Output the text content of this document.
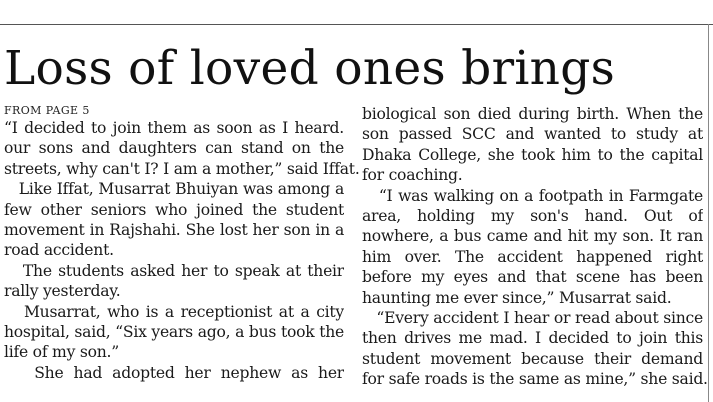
Loss of loved ones brings
FROM PAGE 5
“I decided to join them as soon as I heard.
our sons and daughters can stand on the
streets, why can't I? I am a mother,” said Iffat.
Like Iffat, Musarrat Bhuiyan was among a
few other seniors who joined the student
movement in Rajshahi. She lost her son in a
road accident.
The students asked her to speak at their
rally yesterday.
Musarrat, who is a receptionist at a city
hospital, said, “Six years ago, a bus took the
life of my son.”
She had adopted her nephew as her
biological son died during birth. When the
son passed SCC and wanted to study at
Dhaka College, she took him to the capital
for coaching.
“I was walking on a footpath in Farmgate
area, holding my son's hand. Out of
nowhere, a bus came and hit my son. It ran
him over. The accident happened right
before my eyes and that scene has been
haunting me ever since,” Musarrat said.
“Every accident I hear or read about since
then drives me mad. I decided to join this
student movement because their demand
for safe roads is the same as mine,” she said.
